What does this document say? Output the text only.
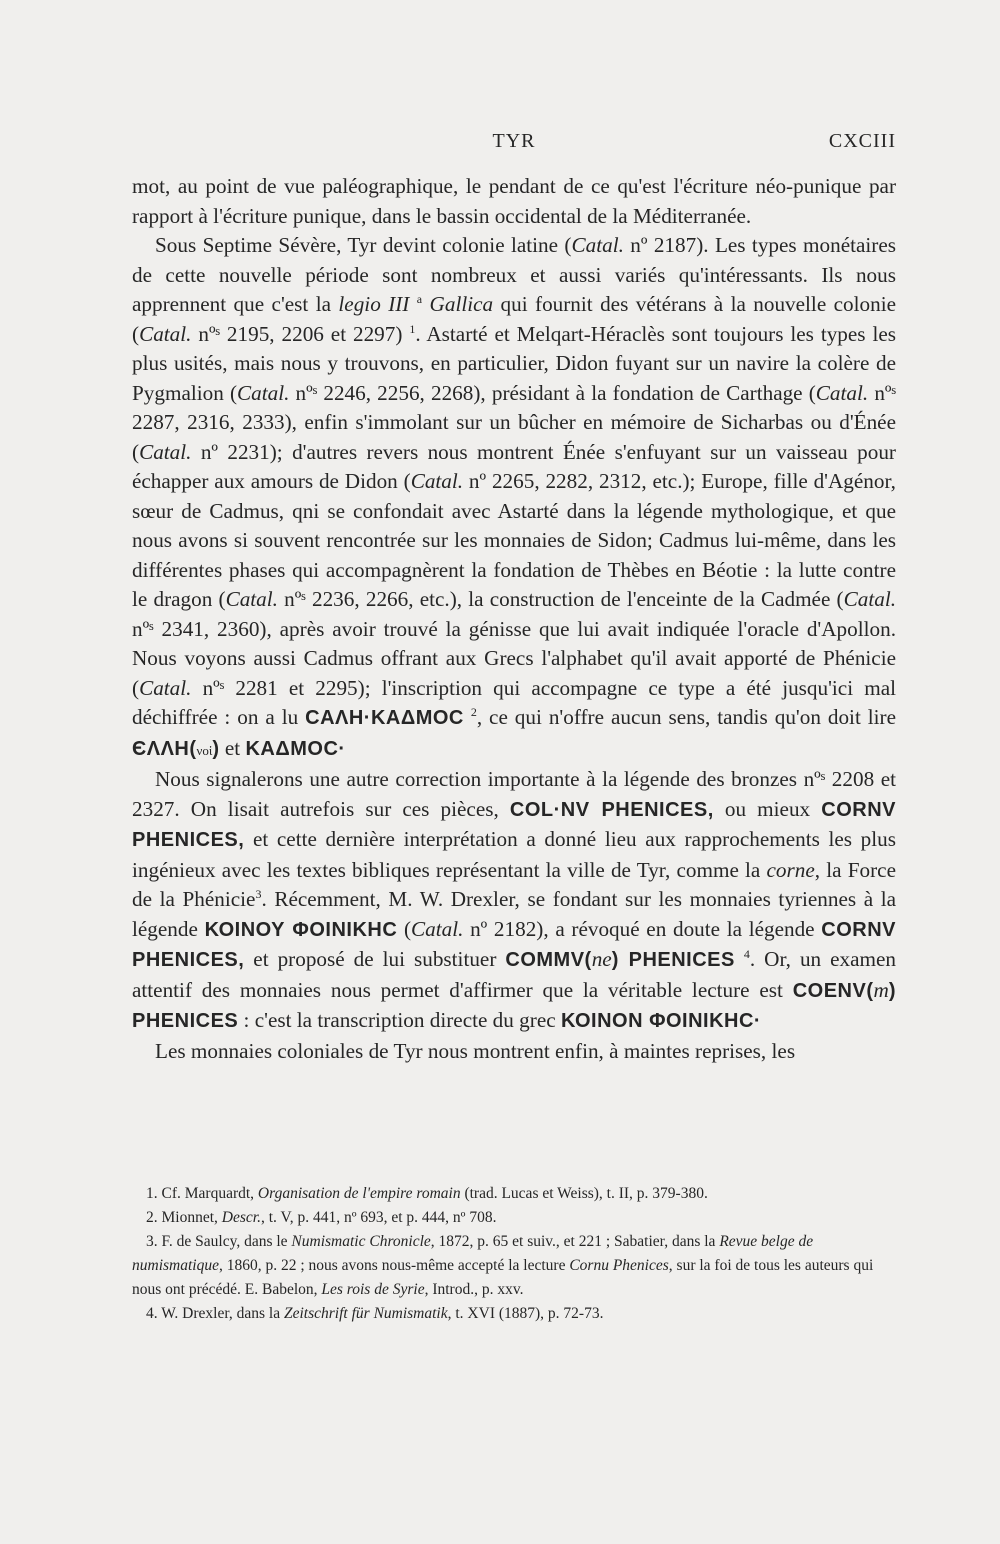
TYR	CXCIII

mot, au point de vue paléographique, le pendant de ce qu'est l'écriture néo-punique par rapport à l'écriture punique, dans le bassin occidental de la Méditerranée.

Sous Septime Sévère, Tyr devint colonie latine (Catal. nº 2187). Les types monétaires de cette nouvelle période sont nombreux et aussi variés qu'intéressants. Ils nous apprennent que c'est la legio III $^a$ Gallica qui fournit des vétérans à la nouvelle colonie (Catal. nºˢ 2195, 2206 et 2297) $^1$. Astarté et Melqart-Héraclès sont toujours les types les plus usités, mais nous y trouvons, en particulier, Didon fuyant sur un navire la colère de Pygmalion (Catal. nºˢ 2246, 2256, 2268), présidant à la fondation de Carthage (Catal. nºˢ 2287, 2316, 2333), enfin s'immolant sur un bûcher en mémoire de Sicharbas ou d'Énée (Catal. nº 2231); d'autres revers nous montrent Énée s'enfuyant sur un vaisseau pour échapper aux amours de Didon (Catal. nº 2265, 2282, 2312, etc.); Europe, fille d'Agénor, sœur de Cadmus, qni se confondait avec Astarté dans la légende mythologique, et que nous avons si souvent rencontrée sur les monnaies de Sidon; Cadmus lui-même, dans les différentes phases qui accompagnèrent la fondation de Thèbes en Béotie : la lutte contre le dragon (Catal. nºˢ 2236, 2266, etc.), la construction de l'enceinte de la Cadmée (Catal. nºˢ 2341, 2360), après avoir trouvé la génisse que lui avait indiquée l'oracle d'Apollon. Nous voyons aussi Cadmus offrant aux Grecs l'alphabet qu'il avait apporté de Phénicie (Catal. nºˢ 2281 et 2295); l'inscription qui accompagne ce type a été jusqu'ici mal déchiffrée : on a lu CΑΛΗ·ΚΑΔΜΟC $^2$, ce qui n'offre aucun sens, tandis qu'on doit lire ЄΛΛΗ(νοἱ) et ΚΑΔΜΟC·

Nous signalerons une autre correction importante à la légende des bronzes nºˢ 2208 et 2327. On lisait autrefois sur ces pièces, COL·NV PHENICES, ou mieux CORNV PHENICES, et cette dernière interprétation a donné lieu aux rapprochements les plus ingénieux avec les textes bibliques représentant la ville de Tyr, comme la corne, la Force de la Phénicie$^3$. Récemment, M. W. Drexler, se fondant sur les monnaies tyriennes à la légende ΚΟΙΝΟΥ ΦΟΙΝΙΚΗC (Catal. nº 2182), a révoqué en doute la légende CORNV PHENICES, et proposé de lui substituer COMMV(ne) PHENICES $^4$. Or, un examen attentif des monnaies nous permet d'affirmer que la véritable lecture est COENV(m) PHENICES : c'est la transcription directe du grec ΚΟΙΝΟΝ ΦΟΙΝΙΚΗC·

Les monnaies coloniales de Tyr nous montrent enfin, à maintes reprises, les

1. Cf. Marquardt, Organisation de l'empire romain (trad. Lucas et Weiss), t. II, p. 379-380.

2. Mionnet, Descr., t. V, p. 441, nº 693, et p. 444, nº 708.

3. F. de Saulcy, dans le Numismatic Chronicle, 1872, p. 65 et suiv., et 221 ; Sabatier, dans la Revue belge de numismatique, 1860, p. 22 ; nous avons nous-même accepté la lecture Cornu Phenices, sur la foi de tous les auteurs qui nous ont précédé. E. Babelon, Les rois de Syrie, Introd., p. xxv.

4. W. Drexler, dans la Zeitschrift für Numismatik, t. XVI (1887), p. 72-73.
